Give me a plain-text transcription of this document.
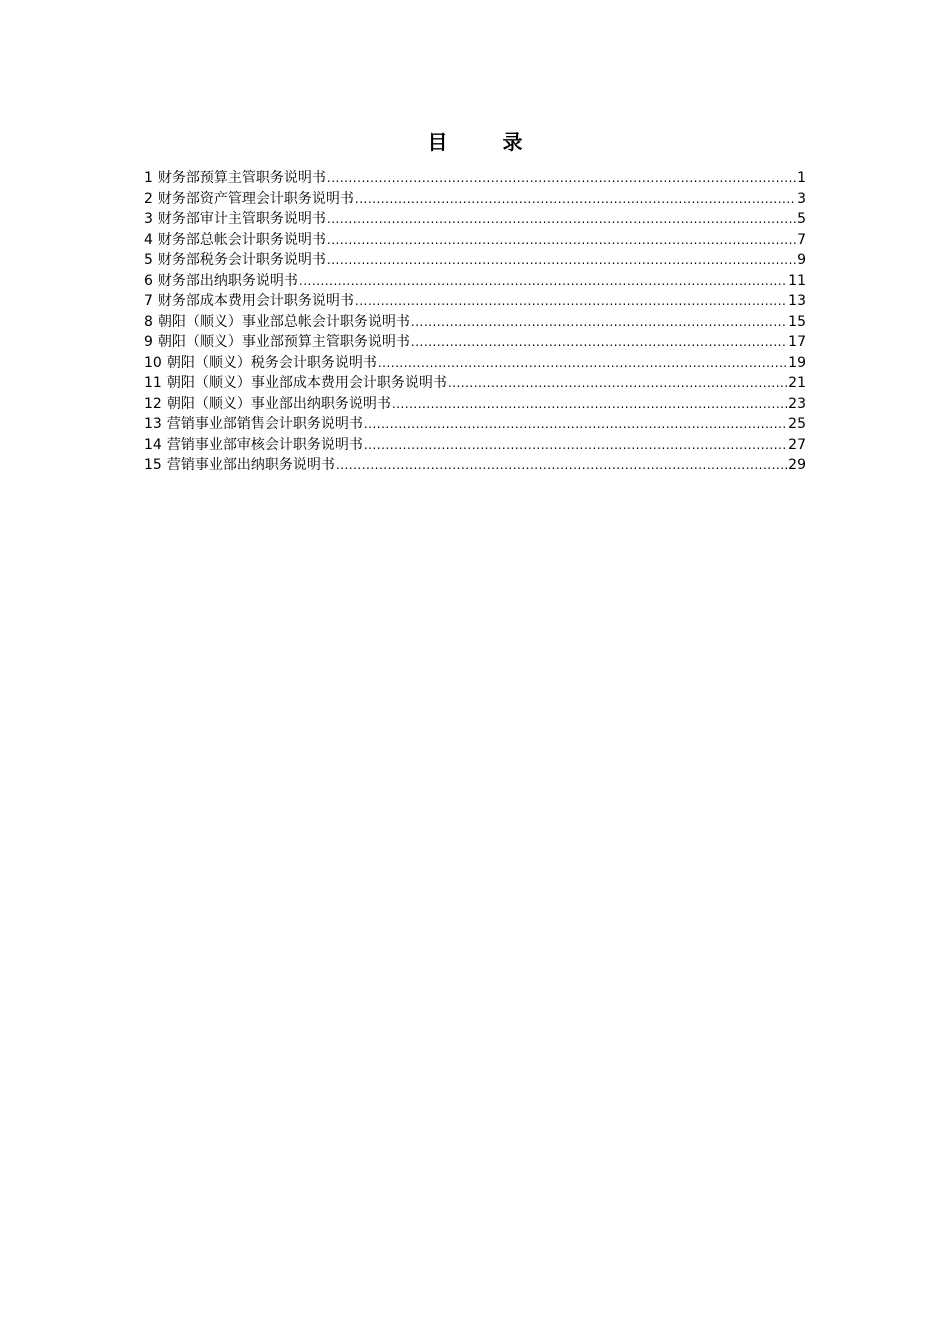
目 录
1 财务部预算主管职务说明书 .....	1
2 财务部资产管理会计职务说明书 .....	3
3 财务部审计主管职务说明书 .....	5
4 财务部总帐会计职务说明书 .....	7
5 财务部税务会计职务说明书 .....	9
6 财务部出纳职务说明书 .....	11
7 财务部成本费用会计职务说明书 .....	13
8 朝阳（顺义）事业部总帐会计职务说明书 .....	15
9 朝阳（顺义）事业部预算主管职务说明书 .....	17
10 朝阳（顺义）税务会计职务说明书 .....	19
11 朝阳（顺义）事业部成本费用会计职务说明书 .....	21
12 朝阳（顺义）事业部出纳职务说明书 .....	23
13 营销事业部销售会计职务说明书 .....	25
14 营销事业部审核会计职务说明书 .....	27
15 营销事业部出纳职务说明书 .....	29
